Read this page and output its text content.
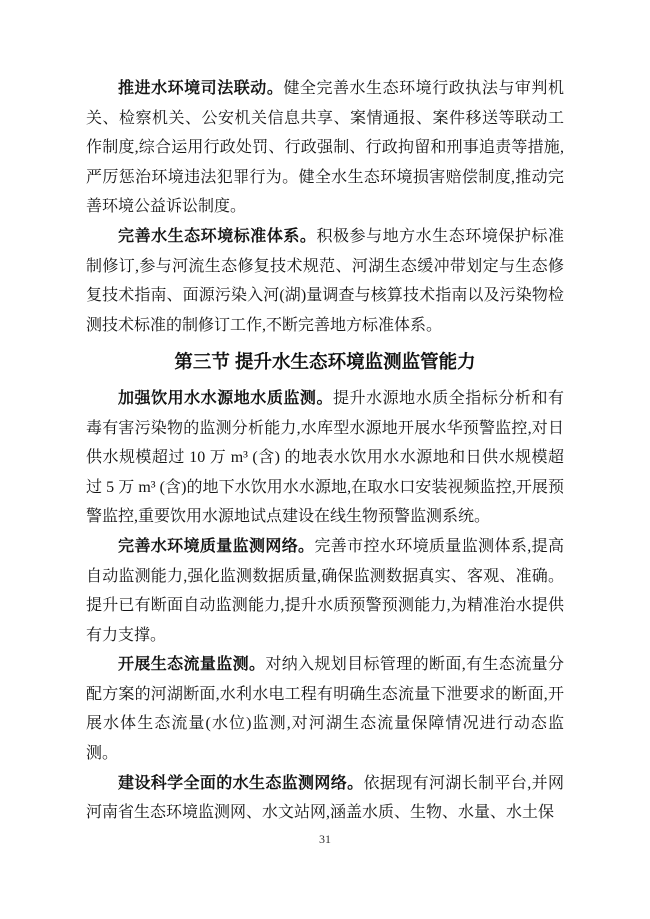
推进水环境司法联动。健全完善水生态环境行政执法与审判机关、检察机关、公安机关信息共享、案情通报、案件移送等联动工作制度,综合运用行政处罚、行政强制、行政拘留和刑事追责等措施,严厉惩治环境违法犯罪行为。健全水生态环境损害赔偿制度,推动完善环境公益诉讼制度。

完善水生态环境标准体系。积极参与地方水生态环境保护标准制修订,参与河流生态修复技术规范、河湖生态缓冲带划定与生态修复技术指南、面源污染入河(湖)量调查与核算技术指南以及污染物检测技术标准的制修订工作,不断完善地方标准体系。

第三节 提升水生态环境监测监管能力

加强饮用水水源地水质监测。提升水源地水质全指标分析和有毒有害污染物的监测分析能力,水库型水源地开展水华预警监控,对日供水规模超过 10 万 m³ (含) 的地表水饮用水水源地和日供水规模超过 5 万 m³ (含)的地下水饮用水水源地,在取水口安装视频监控,开展预警监控,重要饮用水源地试点建设在线生物预警监测系统。

完善水环境质量监测网络。完善市控水环境质量监测体系,提高自动监测能力,强化监测数据质量,确保监测数据真实、客观、准确。提升已有断面自动监测能力,提升水质预警预测能力,为精准治水提供有力支撑。

开展生态流量监测。对纳入规划目标管理的断面,有生态流量分配方案的河湖断面,水利水电工程有明确生态流量下泄要求的断面,开展水体生态流量(水位)监测,对河湖生态流量保障情况进行动态监测。

建设科学全面的水生态监测网络。依据现有河湖长制平台,并网河南省生态环境监测网、水文站网,涵盖水质、生物、水量、水土保

31
